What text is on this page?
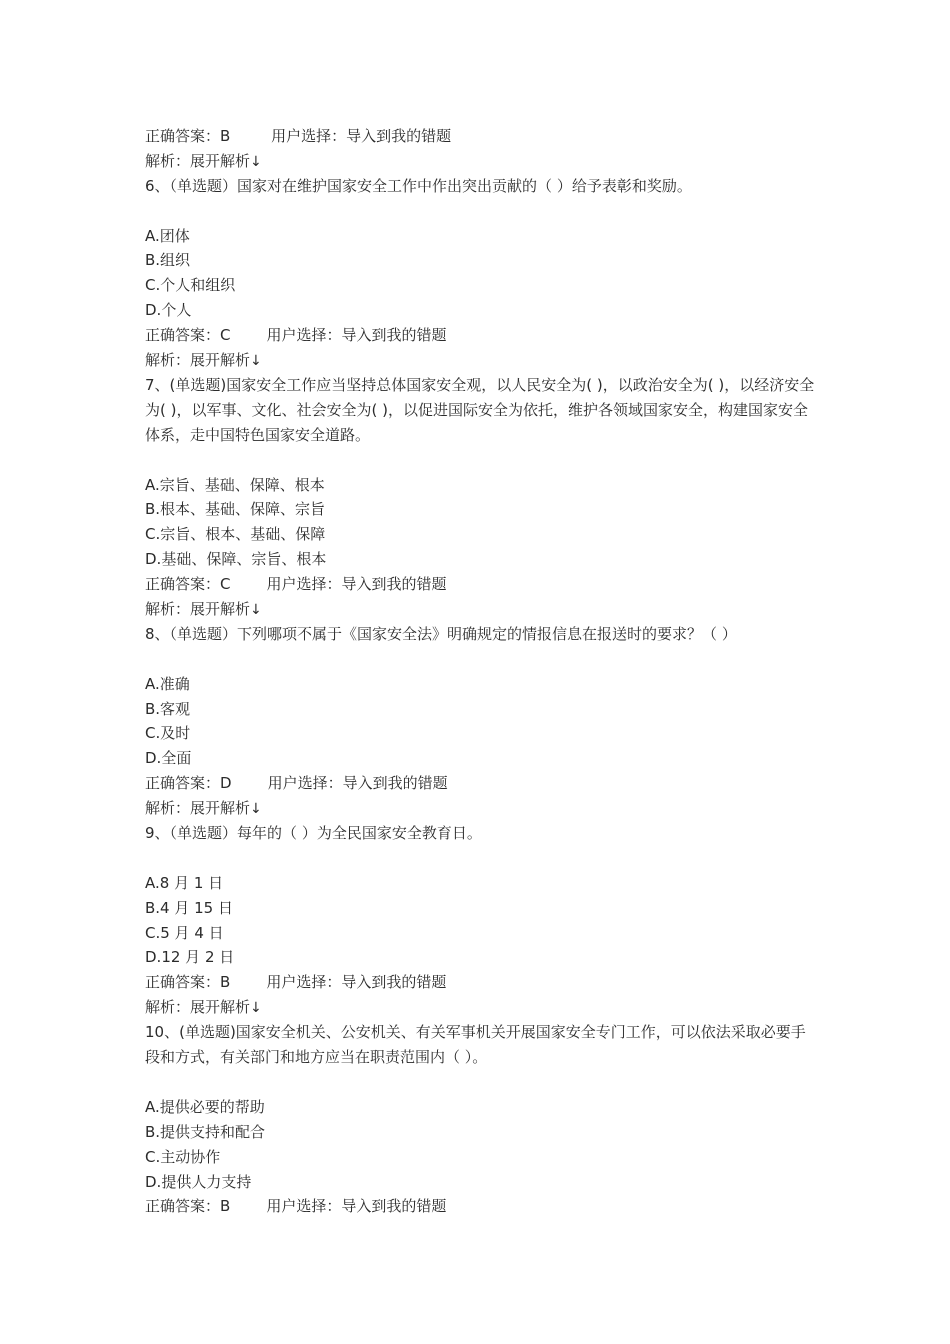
正确答案：B	用户选择：导入到我的错题
解析：展开解析↓

6、（单选题）国家对在维护国家安全工作中作出突出贡献的（ ）给予表彰和奖励。

A.团体
B.组织
C.个人和组织
D.个人
正确答案：C 用户选择：导入到我的错题
解析：展开解析↓

7、(单选题)国家安全工作应当坚持总体国家安全观，以人民安全为( )，以政治安全为( )，以经济安全为( )，以军事、文化、社会安全为( )，以促进国际安全为依托，维护各领域国家安全，构建国家安全体系，走中国特色国家安全道路。

A.宗旨、基础、保障、根本
B.根本、基础、保障、宗旨
C.宗旨、根本、基础、保障
D.基础、保障、宗旨、根本
正确答案：C 用户选择：导入到我的错题
解析：展开解析↓

8、（单选题）下列哪项不属于《国家安全法》明确规定的情报信息在报送时的要求？（ ）

A.准确
B.客观
C.及时
D.全面
正确答案：D 用户选择：导入到我的错题
解析：展开解析↓

9、（单选题）每年的（ ）为全民国家安全教育日。

A.8 月 1 日
B.4 月 15 日
C.5 月 4 日
D.12 月 2 日
正确答案：B 用户选择：导入到我的错题
解析：展开解析↓

10、(单选题)国家安全机关、公安机关、有关军事机关开展国家安全专门工作，可以依法采取必要手段和方式，有关部门和地方应当在职责范围内（ ）。

A.提供必要的帮助
B.提供支持和配合
C.主动协作
D.提供人力支持
正确答案：B 用户选择：导入到我的错题
